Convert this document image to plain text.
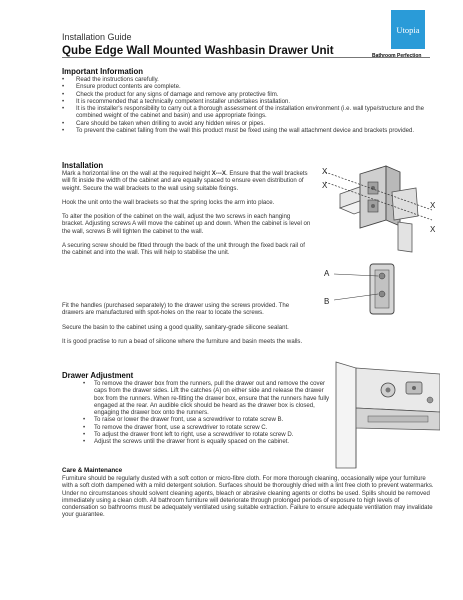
Installation Guide
Qube Edge Wall Mounted Washbasin Drawer Unit
Utopia
Bathroom Perfection
Important Information
• Read the instructions carefully.
• Ensure product contents are complete.
• Check the product for any signs of damage and remove any protective film.
• It is recommended that a technically competent installer undertakes installation.
• It is the installer's responsibility to carry out a thorough assessment of the installation environment (i.e. wall type/structure and the combined weight of the cabinet and basin) and use appropriate fixings.
• Care should be taken when drilling to avoid any hidden wires or pipes.
• To prevent the cabinet falling from the wall this product must be fixed using the wall attachment device and brackets provided.
Installation

Mark a horizontal line on the wall at the required height X---X. Ensure that the wall brackets will fit inside the width of the cabinet and are equally spaced to ensure even distribution of weight. Secure the wall brackets to the wall using suitable fixings.

Hook the unit onto the wall brackets so that the spring locks the arm into place.

To alter the position of the cabinet on the wall, adjust the two screws in each hanging bracket. Adjusting screws A will move the cabinet up and down. When the cabinet is level on the wall, screws B will tighten the cabinet to the wall.

A securing screw should be fitted through the back of the unit through the fixed back rail of the cabinet and into the wall. This will help to stabilise the unit.

Fit the handles (purchased separately) to the drawer using the screws provided. The drawers are manufactured with spot-holes on the rear to locate the screws.

Secure the basin to the cabinet using a good quality, sanitary-grade silicone sealant.

It is good practise to run a bead of silicone where the furniture and basin meets the walls.

X
X
X
X
A
B
Drawer Adjustment
• To remove the drawer box from the runners, pull the drawer out and remove the cover caps from the drawer sides. Lift the catches (A) on either side and release the drawer box from the runners. When re-fitting the drawer box, ensure that the runners have fully engaged at the rear. An audible click should be heard as the drawer box is closed, engaging the drawer box onto the runners.
• To raise or lower the drawer front, use a screwdriver to rotate screw B.
• To remove the drawer front, use a screwdriver to rotate screw C.
• To adjust the drawer front left to right, use a screwdriver to rotate screw D.
• Adjust the screws until the drawer front is equally spaced on the cabinet.
Care & Maintenance

Furniture should be regularly dusted with a soft cotton or micro-fibre cloth. For more thorough cleaning, occasionally wipe your furniture with a soft cloth dampened with a mild detergent solution. Surfaces should be thoroughly dried with a lint free cloth to prevent watermarks. Under no circumstances should solvent cleaning agents, bleach or abrasive cleaning agents or cloths be used. Spills should be removed immediately using a clean cloth. All bathroom furniture will deteriorate through prolonged periods of exposure to high levels of condensation so bathrooms must be adequately ventilated using suitable extraction. Failure to ensure adequate ventilation may invalidate your guarantee.
